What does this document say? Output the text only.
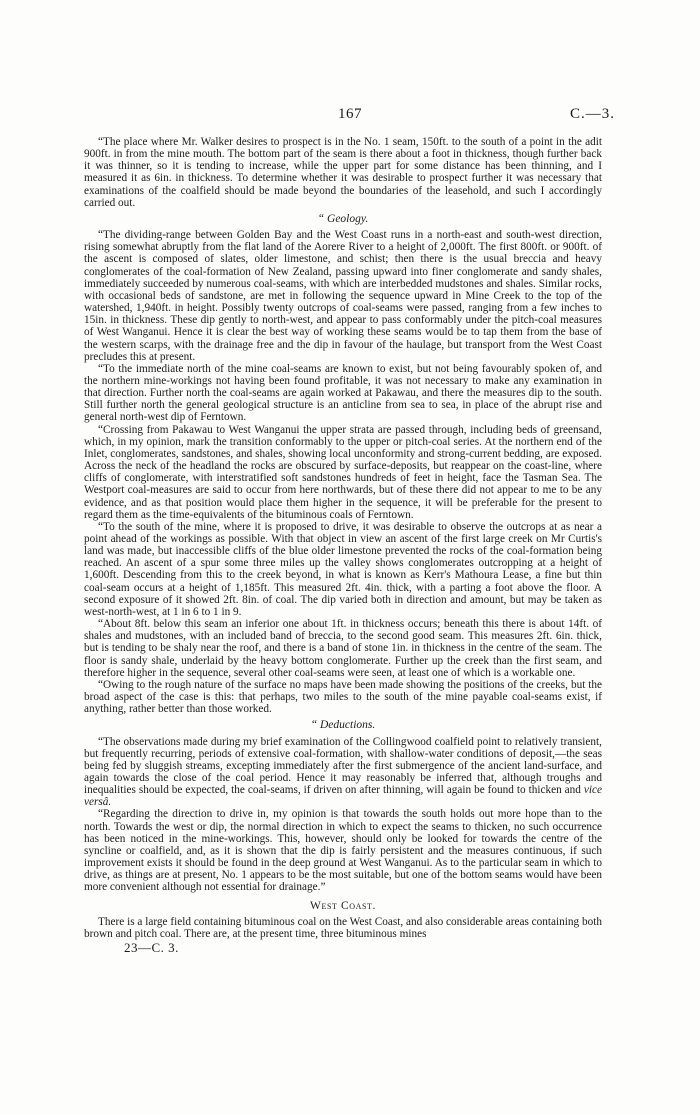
167	C.—3.

“The place where Mr. Walker desires to prospect is in the No. 1 seam, 150ft. to the south of a point in the adit 900ft. in from the mine mouth. The bottom part of the seam is there about a foot in thickness, though further back it was thinner, so it is tending to increase, while the upper part for some distance has been thinning, and I measured it as 6in. in thickness. To determine whether it was desirable to prospect further it was necessary that examinations of the coalfield should be made beyond the boundaries of the leasehold, and such I accordingly carried out.

“ Geology.

“The dividing-range between Golden Bay and the West Coast runs in a north-east and south-west direction, rising somewhat abruptly from the flat land of the Aorere River to a height of 2,000ft. The first 800ft. or 900ft. of the ascent is composed of slates, older limestone, and schist; then there is the usual breccia and heavy conglomerates of the coal-formation of New Zealand, passing upward into finer conglomerate and sandy shales, immediately succeeded by numerous coal-seams, with which are interbedded mudstones and shales. Similar rocks, with occasional beds of sandstone, are met in following the sequence upward in Mine Creek to the top of the watershed, 1,940ft. in height. Possibly twenty outcrops of coal-seams were passed, ranging from a few inches to 15in. in thickness. These dip gently to north-west, and appear to pass conformably under the pitch-coal measures of West Wanganui. Hence it is clear the best way of working these seams would be to tap them from the base of the western scarps, with the drainage free and the dip in favour of the haulage, but transport from the West Coast precludes this at present.

“To the immediate north of the mine coal-seams are known to exist, but not being favourably spoken of, and the northern mine-workings not having been found profitable, it was not necessary to make any examination in that direction. Further north the coal-seams are again worked at Pakawau, and there the measures dip to the south. Still further north the general geological structure is an anticline from sea to sea, in place of the abrupt rise and general north-west dip of Ferntown.

“Crossing from Pakawau to West Wanganui the upper strata are passed through, including beds of greensand, which, in my opinion, mark the transition conformably to the upper or pitch-coal series. At the northern end of the Inlet, conglomerates, sandstones, and shales, showing local unconformity and strong-current bedding, are exposed. Across the neck of the headland the rocks are obscured by surface-deposits, but reappear on the coast-line, where cliffs of conglomerate, with interstratified soft sandstones hundreds of feet in height, face the Tasman Sea. The Westport coal-measures are said to occur from here northwards, but of these there did not appear to me to be any evidence, and as that position would place them higher in the sequence, it will be preferable for the present to regard them as the time-equivalents of the bituminous coals of Ferntown.

“To the south of the mine, where it is proposed to drive, it was desirable to observe the outcrops at as near a point ahead of the workings as possible. With that object in view an ascent of the first large creek on Mr Curtis's land was made, but inaccessible cliffs of the blue older limestone prevented the rocks of the coal-formation being reached. An ascent of a spur some three miles up the valley shows conglomerates outcropping at a height of 1,600ft. Descending from this to the creek beyond, in what is known as Kerr's Mathoura Lease, a fine but thin coal-seam occurs at a height of 1,185ft. This measured 2ft. 4in. thick, with a parting a foot above the floor. A second exposure of it showed 2ft. 8in. of coal. The dip varied both in direction and amount, but may be taken as west-north-west, at 1 in 6 to 1 in 9.

“About 8ft. below this seam an inferior one about 1ft. in thickness occurs; beneath this there is about 14ft. of shales and mudstones, with an included band of breccia, to the second good seam. This measures 2ft. 6in. thick, but is tending to be shaly near the roof, and there is a band of stone 1in. in thickness in the centre of the seam. The floor is sandy shale, underlaid by the heavy bottom conglomerate. Further up the creek than the first seam, and therefore higher in the sequence, several other coal-seams were seen, at least one of which is a workable one.

“Owing to the rough nature of the surface no maps have been made showing the positions of the creeks, but the broad aspect of the case is this: that perhaps, two miles to the south of the mine payable coal-seams exist, if anything, rather better than those worked.

“ Deductions.

“The observations made during my brief examination of the Collingwood coalfield point to relatively transient, but frequently recurring, periods of extensive coal-formation, with shallow-water conditions of deposit,—the seas being fed by sluggish streams, excepting immediately after the first submergence of the ancient land-surface, and again towards the close of the coal period. Hence it may reasonably be inferred that, although troughs and inequalities should be expected, the coal-seams, if driven on after thinning, will again be found to thicken and vice versâ.

“Regarding the direction to drive in, my opinion is that towards the south holds out more hope than to the north. Towards the west or dip, the normal direction in which to expect the seams to thicken, no such occurrence has been noticed in the mine-workings. This, however, should only be looked for towards the centre of the syncline or coalfield, and, as it is shown that the dip is fairly persistent and the measures continuous, if such improvement exists it should be found in the deep ground at West Wanganui. As to the particular seam in which to drive, as things are at present, No. 1 appears to be the most suitable, but one of the bottom seams would have been more convenient although not essential for drainage.”

West Coast.

There is a large field containing bituminous coal on the West Coast, and also considerable areas containing both brown and pitch coal. There are, at the present time, three bituminous mines

23—C. 3.
